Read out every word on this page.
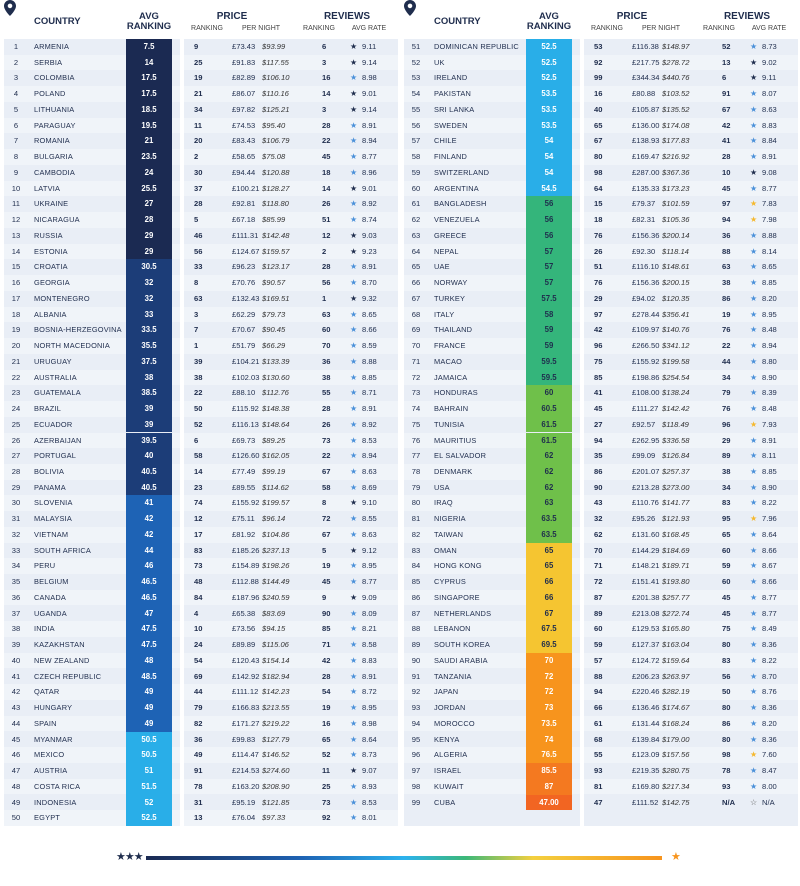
COUNTRY	AVG
RANKING
PRICE	REVIEWS
RANKING	PER NIGHT	RANKING	AVG RATE
1	ARMENIA	7.5	9	£73.43 $93.99	6	9.11
★
2	SERBIA	14	25	£91.83 $117.55	3	9.14
★
3	COLOMBIA	17.5	19	£82.89 $106.10	16	8.98
★
4	POLAND	17.5	21	£86.07 $110.16	14	9.01
★
5	LITHUANIA	18.5	34	£97.82 $125.21	3	9.14
★
6	PARAGUAY	19.5	11	£74.53 $95.40	28	8.91
★
7	ROMANIA	21	20	£83.43 $106.79	22	8.94
★
8	BULGARIA	23.5	2	£58.65 $75.08	45	8.77
★
9	CAMBODIA	24	30	£94.44 $120.88	18	8.96
★
10	LATVIA	25.5	37	£100.21 $128.27	14	9.01
★
11	UKRAINE	27	28	£92.81 $118.80	26	8.92
★
12	NICARAGUA	28	5	£67.18 $85.99	51	8.74
★
13	RUSSIA	29	46	£111.31 $142.48	12	9.03
★
14	ESTONIA	29	56	£124.67 $159.57	2	9.23
★
15	CROATIA	30.5	33	£96.23 $123.17	28	8.91
★
16	GEORGIA	32	8	£70.76 $90.57	56	8.70
★
17	MONTENEGRO	32	63	£132.43 $169.51	1	9.32
★
18	ALBANIA	33	3	£62.29 $79.73	63	8.65
★
19	BOSNIA-HERZEGOVINA	33.5	7	£70.67 $90.45	60	8.66
★
20	NORTH MACEDONIA	35.5	1	£51.79 $66.29	70	8.59
★
21	URUGUAY	37.5	39	£104.21 $133.39	36	8.88
★
22	AUSTRALIA	38	38	£102.03 $130.60	38	8.85
★
23	GUATEMALA	38.5	22	£88.10 $112.76	55	8.71
★
24	BRAZIL	39	50	£115.92 $148.38	28	8.91
★
25	ECUADOR	39	52	£116.13 $148.64	26	8.92
★
26	AZERBAIJAN	39.5	6	£69.73 $89.25	73	8.53
★
27	PORTUGAL	40	58	£126.60 $162.05	22	8.94
★
28	BOLIVIA	40.5	14	£77.49 $99.19	67	8.63
★
29	PANAMA	40.5	23	£89.55 $114.62	58	8.69
★
30	SLOVENIA	41	74	£155.92 $199.57	8	9.10
★
31	MALAYSIA	42	12	£75.11 $96.14	72	8.55
★
32	VIETNAM	42	17	£81.92 $104.86	67	8.63
★
33	SOUTH AFRICA	44	83	£185.26 $237.13	5	9.12
★
34	PERU	46	73	£154.89 $198.26	19	8.95
★
35	BELGIUM	46.5	48	£112.88 $144.49	45	8.77
★
36	CANADA	46.5	84	£187.96 $240.59	9	9.09
★
37	UGANDA	47	4	£65.38 $83.69	90	8.09
★
38	INDIA	47.5	10	£73.56 $94.15	85	8.21
★
39	KAZAKHSTAN	47.5	24	£89.89 $115.06	71	8.58
★
40	NEW ZEALAND	48	54	£120.43 $154.14	42	8.83
★
41	CZECH REPUBLIC	48.5	69	£142.92 $182.94	28	8.91
★
42	QATAR	49	44	£111.12 $142.23	54	8.72
★
43	HUNGARY	49	79	£166.83 $213.55	19	8.95
★
44	SPAIN	49	82	£171.27 $219.22	16	8.98
★
45	MYANMAR	50.5	36	£99.83 $127.79	65	8.64
★
46	MEXICO	50.5	49	£114.47 $146.52	52	8.73
★
47	AUSTRIA	51	91	£214.53 $274.60	11	9.07
★
48	COSTA RICA	51.5	78	£163.20 $208.90	25	8.93
★
49	INDONESIA	52	31	£95.19 $121.85	73	8.53
★
50	EGYPT	52.5	13	£76.04 $97.33	92	8.01
★
COUNTRY	AVG
RANKING
PRICE	REVIEWS
RANKING	PER NIGHT	RANKING	AVG RATE
51	DOMINICAN REPUBLIC	52.5	53	£116.38 $148.97	52	8.73
★
52	UK	52.5	92	£217.75 $278.72	13	9.02
★
53	IRELAND	52.5	99	£344.34 $440.76	6	9.11
★
54	PAKISTAN	53.5	16	£80.88 $103.52	91	8.07
★
55	SRI LANKA	53.5	40	£105.87 $135.52	67	8.63
★
56	SWEDEN	53.5	65	£136.00 $174.08	42	8.83
★
57	CHILE	54	67	£138.93 $177.83	41	8.84
★
58	FINLAND	54	80	£169.47 $216.92	28	8.91
★
59	SWITZERLAND	54	98	£287.00 $367.36	10	9.08
★
60	ARGENTINA	54.5	64	£135.33 $173.23	45	8.77
★
61	BANGLADESH	56	15	£79.37 $101.59	97	7.83
★
62	VENEZUELA	56	18	£82.31 $105.36	94	7.98
★
63	GREECE	56	76	£156.36 $200.14	36	8.88
★
64	NEPAL	57	26	£92.30 $118.14	88	8.14
★
65	UAE	57	51	£116.10 $148.61	63	8.65
★
66	NORWAY	57	76	£156.36 $200.15	38	8.85
★
67	TURKEY	57.5	29	£94.02 $120.35	86	8.20
★
68	ITALY	58	97	£278.44 $356.41	19	8.95
★
69	THAILAND	59	42	£109.97 $140.76	76	8.48
★
70	FRANCE	59	96	£266.50 $341.12	22	8.94
★
71	MACAO	59.5	75	£155.92 $199.58	44	8.80
★
72	JAMAICA	59.5	85	£198.86 $254.54	34	8.90
★
73	HONDURAS	60	41	£108.00 $138.24	79	8.39
★
74	BAHRAIN	60.5	45	£111.27 $142.42	76	8.48
★
75	TUNISIA	61.5	27	£92.57 $118.49	96	7.93
★
76	MAURITIUS	61.5	94	£262.95 $336.58	29	8.91
★
77	EL SALVADOR	62	35	£99.09 $126.84	89	8.11
★
78	DENMARK	62	86	£201.07 $257.37	38	8.85
★
79	USA	62	90	£213.28 $273.00	34	8.90
★
80	IRAQ	63	43	£110.76 $141.77	83	8.22
★
81	NIGERIA	63.5	32	£95.26 $121.93	95	7.96
★
82	TAIWAN	63.5	62	£131.60 $168.45	65	8.64
★
83	OMAN	65	70	£144.29 $184.69	60	8.66
★
84	HONG KONG	65	71	£148.21 $189.71	59	8.67
★
85	CYPRUS	66	72	£151.41 $193.80	60	8.66
★
86	SINGAPORE	66	87	£201.38 $257.77	45	8.77
★
87	NETHERLANDS	67	89	£213.08 $272.74	45	8.77
★
88	LEBANON	67.5	60	£129.53 $165.80	75	8.49
★
89	SOUTH KOREA	69.5	59	£127.37 $163.04	80	8.36
★
90	SAUDI ARABIA	70	57	£124.72 $159.64	83	8.22
★
91	TANZANIA	72	88	£206.23 $263.97	56	8.70
★
92	JAPAN	72	94	£220.46 $282.19	50	8.76
★
93	JORDAN	73	66	£136.46 $174.67	80	8.36
★
94	MOROCCO	73.5	61	£131.44 $168.24	86	8.20
★
95	KENYA	74	68	£139.84 $179.00	80	8.36
★
96	ALGERIA	76.5	55	£123.09 $157.56	98	7.60
★
97	ISRAEL	85.5	93	£219.35 $280.75	78	8.47
★
98	KUWAIT	87	81	£169.80 $217.34	93	8.00
★
99	CUBA	47.00	47	£111.52 $142.75	N/A	N/A
☆
★★★	★
